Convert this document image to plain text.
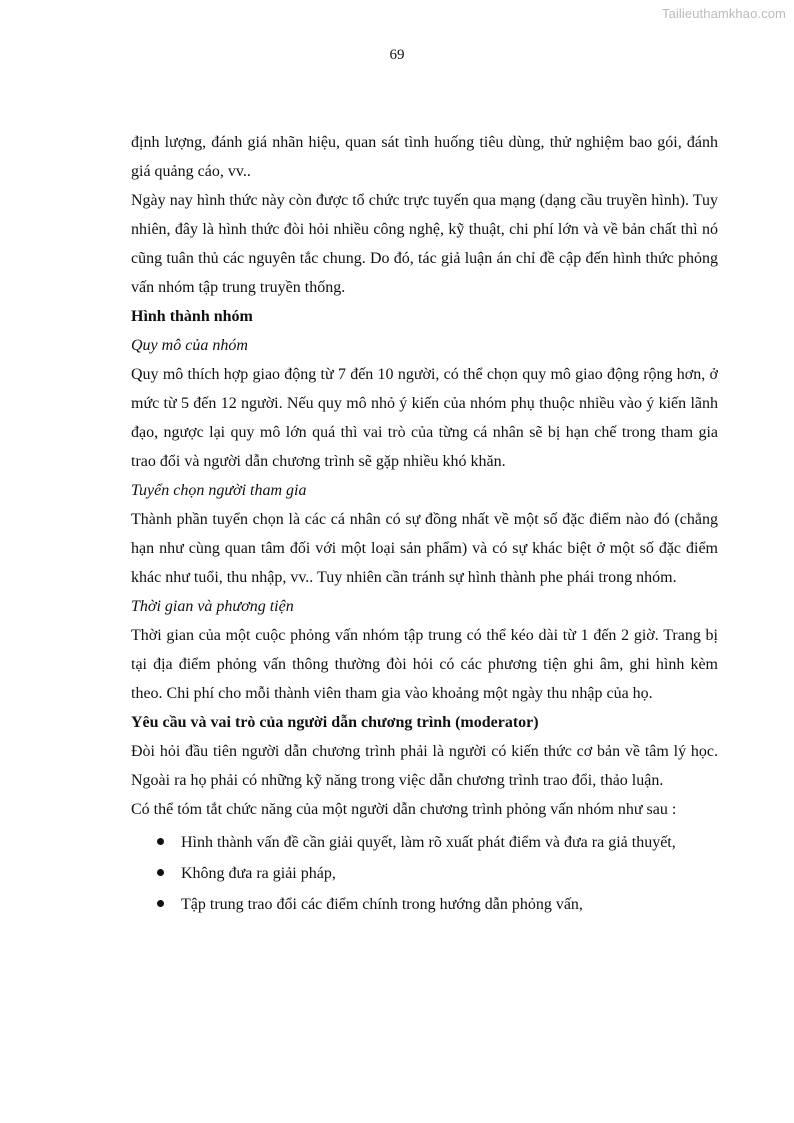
Tailieuthamkhao.com
69

định lượng, đánh giá nhãn hiệu, quan sát tình huống tiêu dùng, thử nghiệm bao gói, đánh giá quảng cáo, vv..

Ngày nay hình thức này còn được tổ chức trực tuyến qua mạng (dạng cầu truyền hình). Tuy nhiên, đây là hình thức đòi hỏi nhiều công nghệ, kỹ thuật, chi phí lớn và về bản chất thì nó cũng tuân thủ các nguyên tắc chung. Do đó, tác giả luận án chỉ đề cập đến hình thức phỏng vấn nhóm tập trung truyền thống.

Hình thành nhóm
Quy mô của nhóm

Quy mô thích hợp giao động từ 7 đến 10 người, có thể chọn quy mô giao động rộng hơn, ở mức từ 5 đến 12 người. Nếu quy mô nhỏ ý kiến của nhóm phụ thuộc nhiều vào ý kiến lãnh đạo, ngược lại quy mô lớn quá thì vai trò của từng cá nhân sẽ bị hạn chế trong tham gia trao đổi và người dẫn chương trình sẽ gặp nhiều khó khăn.

Tuyển chọn người tham gia

Thành phần tuyển chọn là các cá nhân có sự đồng nhất về một số đặc điểm nào đó (chẳng hạn như cùng quan tâm đối với một loại sản phẩm) và có sự khác biệt ở một số đặc điểm khác như tuổi, thu nhập, vv.. Tuy nhiên cần tránh sự hình thành phe phái trong nhóm.

Thời gian và phương tiện

Thời gian của một cuộc phỏng vấn nhóm tập trung có thể kéo dài từ 1 đến 2 giờ. Trang bị tại địa điểm phỏng vấn thông thường đòi hỏi có các phương tiện ghi âm, ghi hình kèm theo. Chi phí cho mỗi thành viên tham gia vào khoảng một ngày thu nhập của họ.

Yêu cầu và vai trò của người dẫn chương trình (moderator)

Đòi hỏi đầu tiên người dẫn chương trình phải là người có kiến thức cơ bản về tâm lý học. Ngoài ra họ phải có những kỹ năng trong việc dẫn chương trình trao đổi, thảo luận.

Có thể tóm tắt chức năng của một người dẫn chương trình phỏng vấn nhóm như sau :

Hình thành vấn đề cần giải quyết, làm rõ xuất phát điểm và đưa ra giả thuyết,
Không đưa ra giải pháp,
Tập trung trao đổi các điểm chính trong hướng dẫn phỏng vấn,
